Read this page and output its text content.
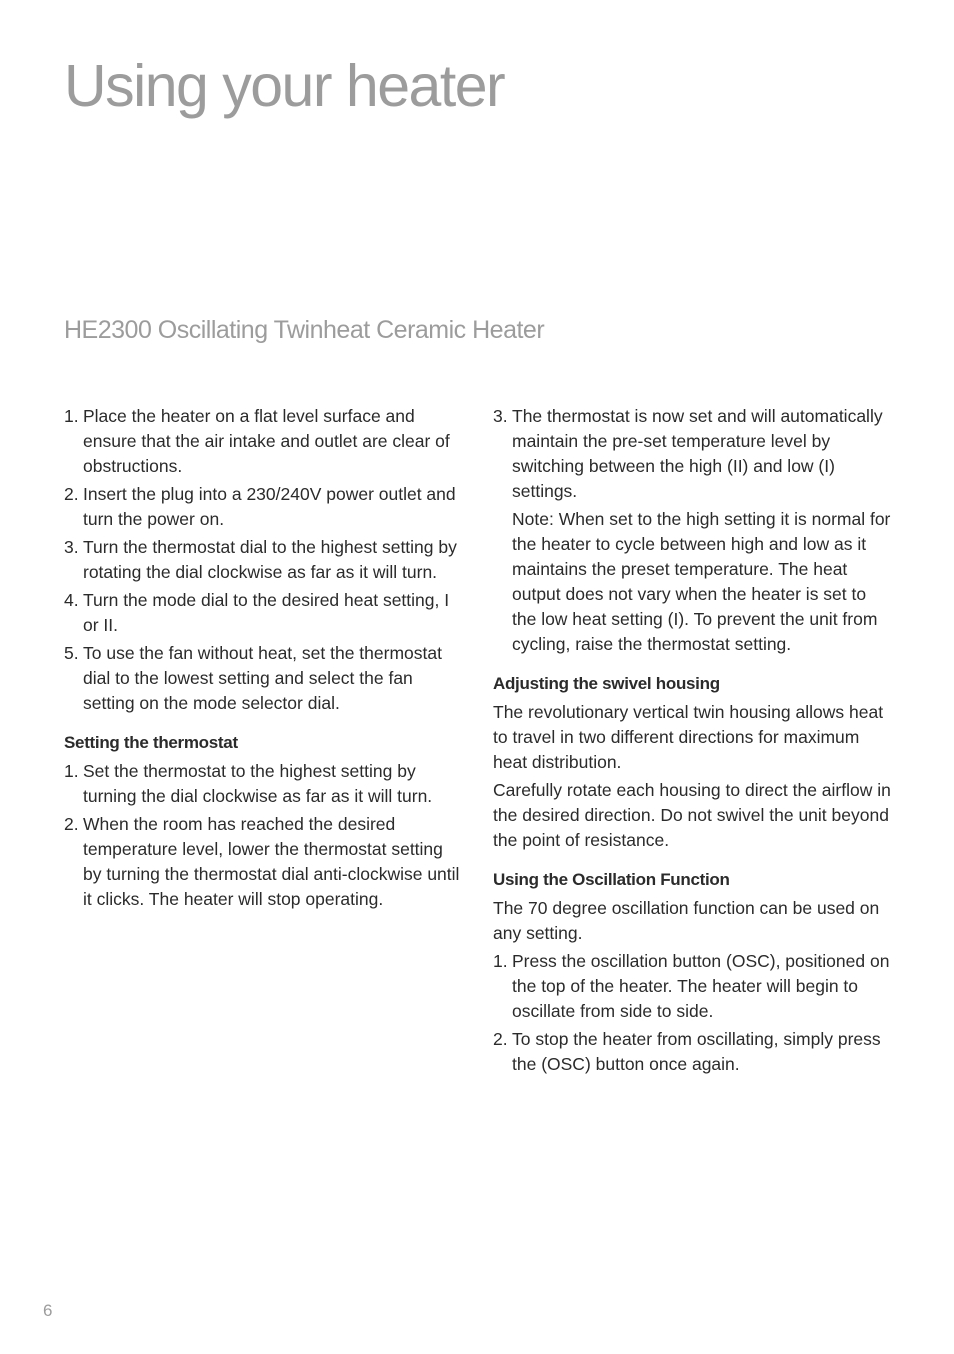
Using your heater
HE2300 Oscillating Twinheat Ceramic Heater
1. Place the heater on a flat level surface and ensure that the air intake and outlet are clear of obstructions.
2. Insert the plug into a 230/240V power outlet and turn the power on.
3. Turn the thermostat dial to the highest setting by rotating the dial clockwise as far as it will turn.
4. Turn the mode dial to the desired heat setting, I or II.
5. To use the fan without heat, set the thermostat dial to the lowest setting and select the fan setting on the mode selector dial.
Setting the thermostat
1. Set the thermostat to the highest setting by turning the dial clockwise as far as it will turn.
2. When the room has reached the desired temperature level, lower the thermostat setting by turning the thermostat dial anti-clockwise until it clicks. The heater will stop operating.
3. The thermostat is now set and will automatically maintain the pre-set temperature level by switching between the high (II) and low (I) settings.

Note: When set to the high setting it is normal for the heater to cycle between high and low as it maintains the preset temperature. The heat output does not vary when the heater is set to the low heat setting (I). To prevent the unit from cycling, raise the thermostat setting.

Adjusting the swivel housing

The revolutionary vertical twin housing allows heat to travel in two different directions for maximum heat distribution.

Carefully rotate each housing to direct the airflow in the desired direction. Do not swivel the unit beyond the point of resistance.

Using the Oscillation Function

The 70 degree oscillation function can be used on any setting.

1. Press the oscillation button (OSC), positioned on the top of the heater. The heater will begin to oscillate from side to side.
2. To stop the heater from oscillating, simply press the (OSC) button once again.
6
